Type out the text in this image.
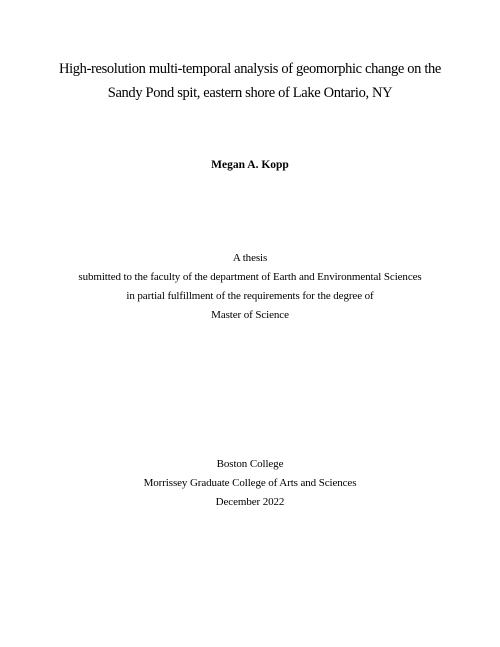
High-resolution multi-temporal analysis of geomorphic change on the
Sandy Pond spit, eastern shore of Lake Ontario, NY
Megan A. Kopp
A thesis
submitted to the faculty of the department of Earth and Environmental Sciences
in partial fulfillment of the requirements for the degree of
Master of Science
Boston College
Morrissey Graduate College of Arts and Sciences
December 2022
